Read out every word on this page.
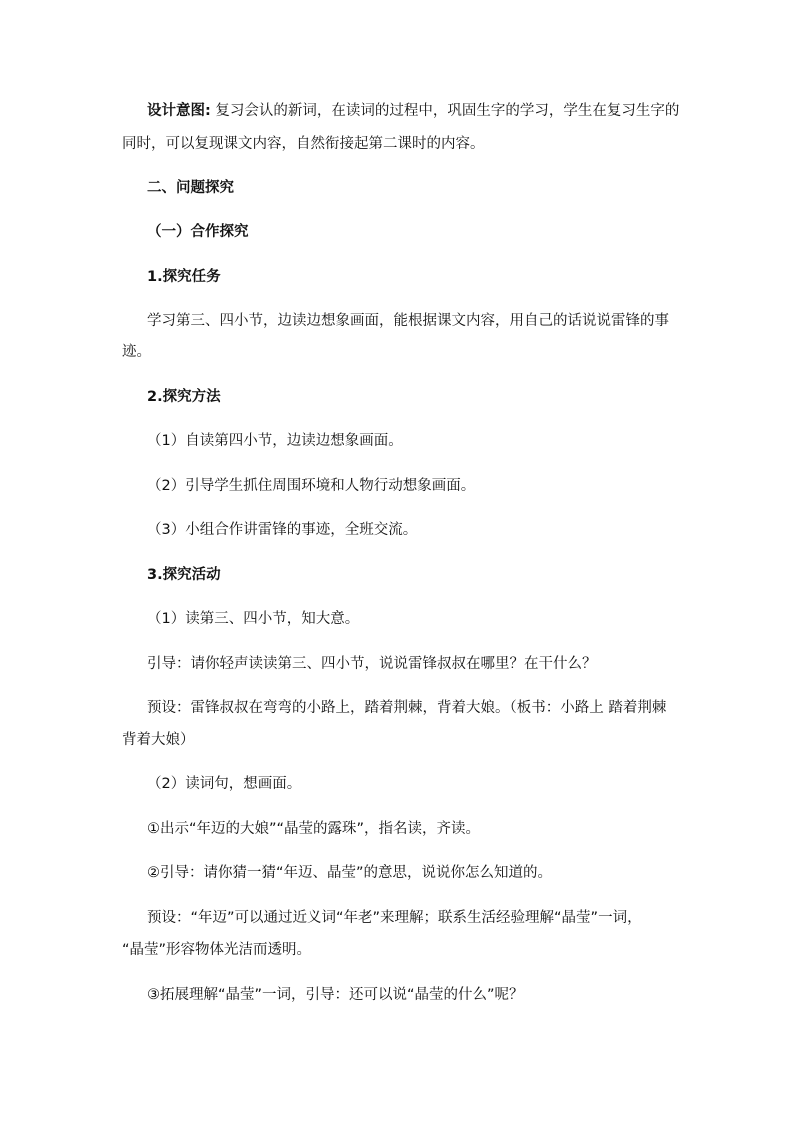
设计意图: 复习会认的新词，在读词的过程中，巩固生字的学习，学生在复习生字的
同时，可以复现课文内容，自然衔接起第二课时的内容。
二、问题探究
（一）合作探究
1.探究任务
学习第三、四小节，边读边想象画面，能根据课文内容，用自己的话说说雷锋的事
迹。
2.探究方法
（1）自读第四小节，边读边想象画面。
（2）引导学生抓住周围环境和人物行动想象画面。
（3）小组合作讲雷锋的事迹，全班交流。
3.探究活动
（1）读第三、四小节，知大意。
引导：请你轻声读读第三、四小节，说说雷锋叔叔在哪里？在干什么？
预设：雷锋叔叔在弯弯的小路上，踏着荆棘，背着大娘。（板书：小路上 踏着荆棘
背着大娘）
（2）读词句，想画面。
①出示“年迈的大娘”“晶莹的露珠”，指名读，齐读。
②引导：请你猜一猜“年迈、晶莹”的意思，说说你怎么知道的。
预设：“年迈”可以通过近义词“年老”来理解；联系生活经验理解“晶莹”一词，
“晶莹”形容物体光洁而透明。
③拓展理解“晶莹”一词，引导：还可以说“晶莹的什么”呢？
